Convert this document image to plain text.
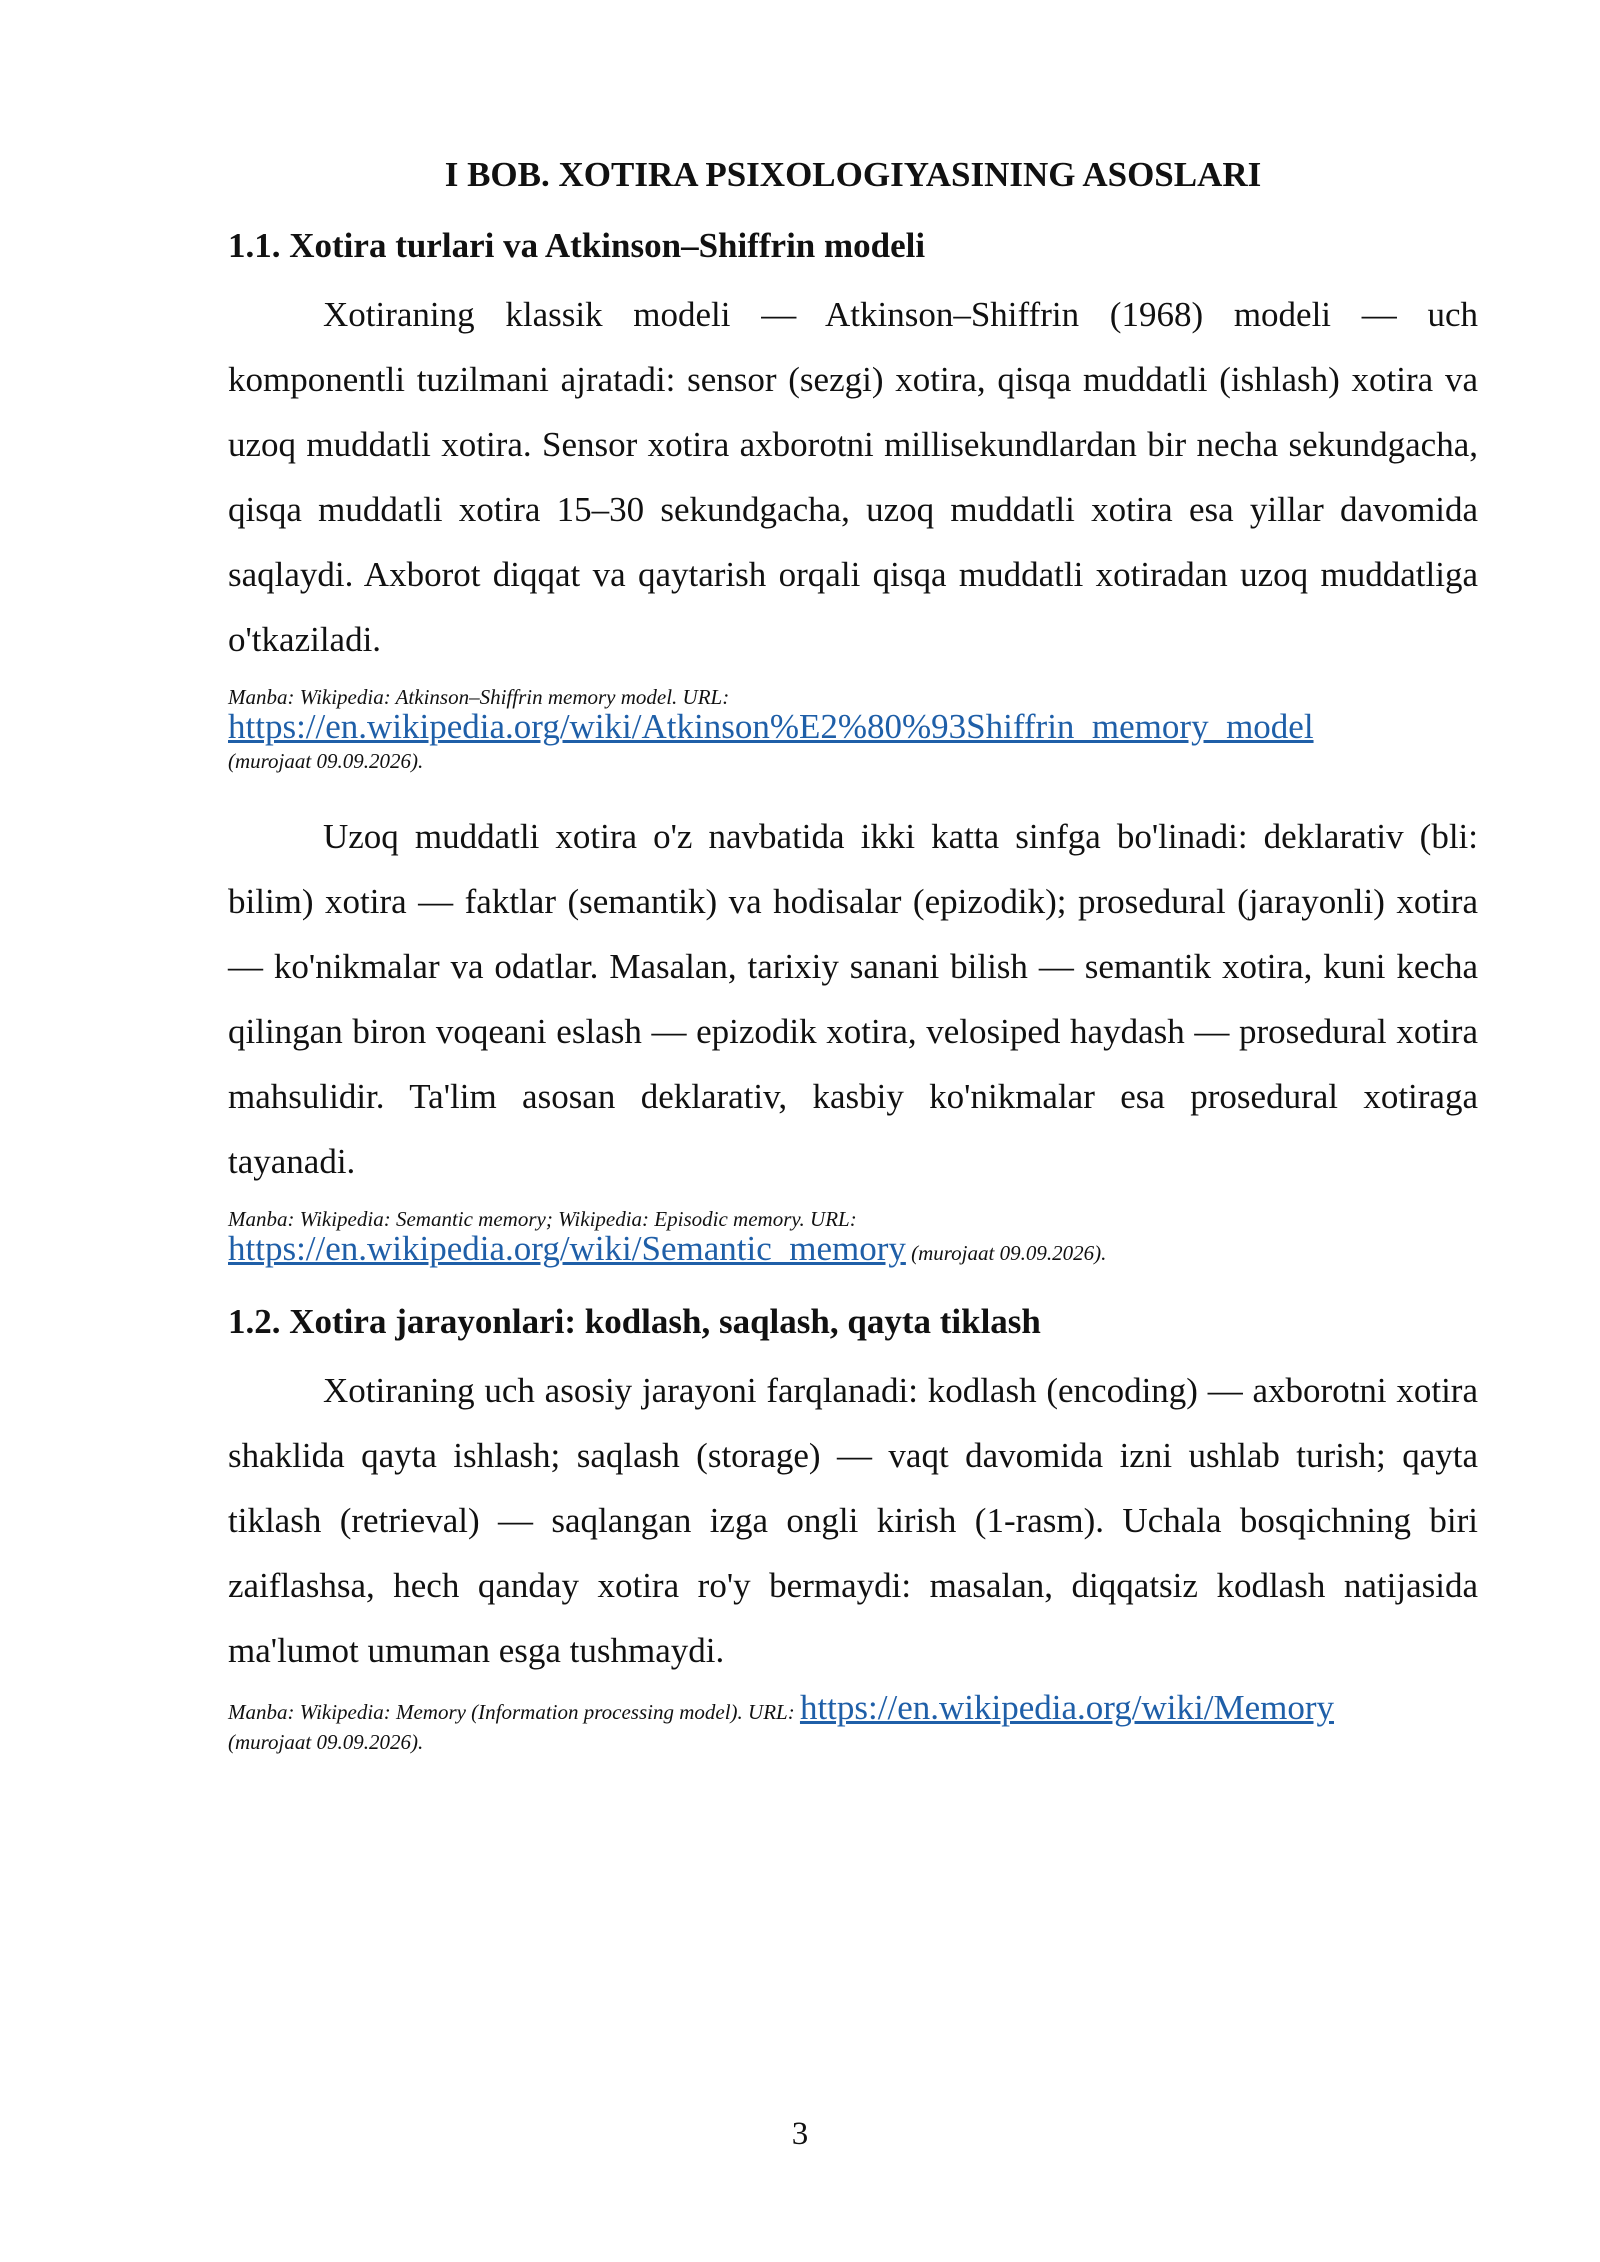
I BOB. XOTIRA PSIXOLOGIYASINING ASOSLARI
1.1. Xotira turlari va Atkinson–Shiffrin modeli

Xotiraning klassik modeli — Atkinson–Shiffrin (1968) modeli — uch komponentli tuzilmani ajratadi: sensor (sezgi) xotira, qisqa muddatli (ishlash) xotira va uzoq muddatli xotira. Sensor xotira axborotni millisekundlardan bir necha sekundgacha, qisqa muddatli xotira 15–30 sekundgacha, uzoq muddatli xotira esa yillar davomida saqlaydi. Axborot diqqat va qaytarish orqali qisqa muddatli xotiradan uzoq muddatliga o'tkaziladi.

Manba: Wikipedia: Atkinson–Shiffrin memory model. URL:
https://en.wikipedia.org/wiki/Atkinson%E2%80%93Shiffrin_memory_model
(murojaat 09.09.2026).

Uzoq muddatli xotira o'z navbatida ikki katta sinfga bo'linadi: deklarativ (bli: bilim) xotira — faktlar (semantik) va hodisalar (epizodik); prosedural (jarayonli) xotira — ko'nikmalar va odatlar. Masalan, tarixiy sanani bilish — semantik xotira, kuni kecha qilingan biron voqeani eslash — epizodik xotira, velosiped haydash — prosedural xotira mahsulidir. Ta'lim asosan deklarativ, kasbiy ko'nikmalar esa prosedural xotiraga tayanadi.

Manba: Wikipedia: Semantic memory; Wikipedia: Episodic memory. URL:
https://en.wikipedia.org/wiki/Semantic_memory (murojaat 09.09.2026).
1.2. Xotira jarayonlari: kodlash, saqlash, qayta tiklash

Xotiraning uch asosiy jarayoni farqlanadi: kodlash (encoding) — axborotni xotira shaklida qayta ishlash; saqlash (storage) — vaqt davomida izni ushlab turish; qayta tiklash (retrieval) — saqlangan izga ongli kirish (1-rasm). Uchala bosqichning biri zaiflashsa, hech qanday xotira ro'y bermaydi: masalan, diqqatsiz kodlash natijasida ma'lumot umuman esga tushmaydi.

Manba: Wikipedia: Memory (Information processing model). URL: https://en.wikipedia.org/wiki/Memory
(murojaat 09.09.2026).
3
